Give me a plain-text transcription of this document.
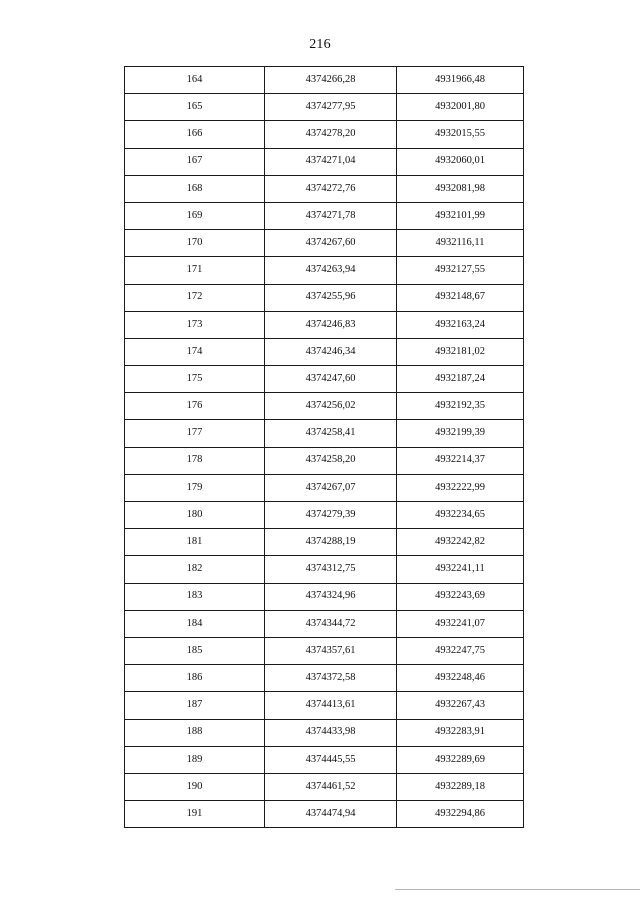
216
164	4374266,28	4931966,48
165	4374277,95	4932001,80
166	4374278,20	4932015,55
167	4374271,04	4932060,01
168	4374272,76	4932081,98
169	4374271,78	4932101,99
170	4374267,60	4932116,11
171	4374263,94	4932127,55
172	4374255,96	4932148,67
173	4374246,83	4932163,24
174	4374246,34	4932181,02
175	4374247,60	4932187,24
176	4374256,02	4932192,35
177	4374258,41	4932199,39
178	4374258,20	4932214,37
179	4374267,07	4932222,99
180	4374279,39	4932234,65
181	4374288,19	4932242,82
182	4374312,75	4932241,11
183	4374324,96	4932243,69
184	4374344,72	4932241,07
185	4374357,61	4932247,75
186	4374372,58	4932248,46
187	4374413,61	4932267,43
188	4374433,98	4932283,91
189	4374445,55	4932289,69
190	4374461,52	4932289,18
191	4374474,94	4932294,86
